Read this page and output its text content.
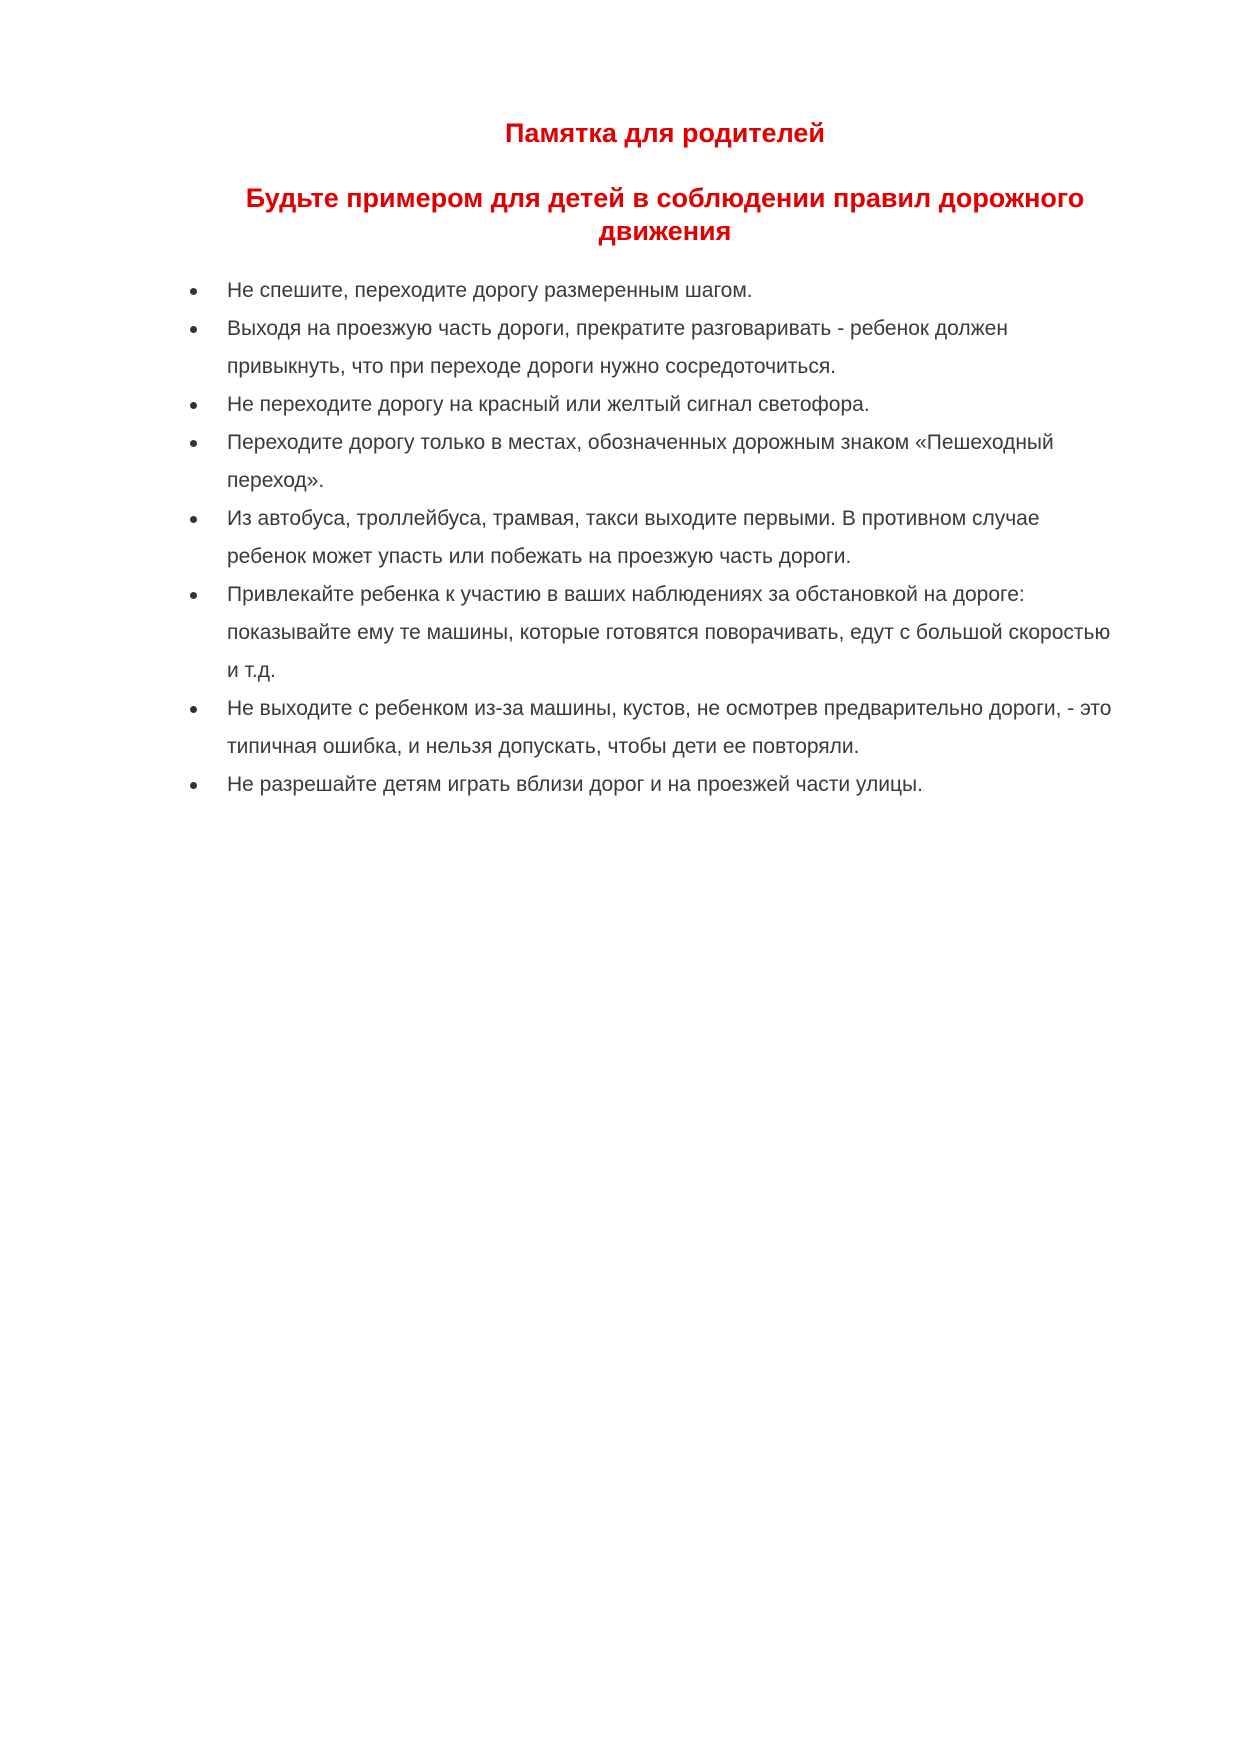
Памятка для родителей
Будьте примером для детей в соблюдении правил дорожного движения
Не спешите, переходите дорогу размеренным шагом.
Выходя на проезжую часть дороги, прекратите разговаривать - ребенок должен привыкнуть, что при переходе дороги нужно сосредоточиться.
Не переходите дорогу на красный или желтый сигнал светофора.
Переходите дорогу только в местах, обозначенных дорожным знаком «Пешеходный переход».
Из автобуса, троллейбуса, трамвая, такси выходите первыми. В противном случае ребенок может упасть или побежать на проезжую часть дороги.
Привлекайте ребенка к участию в ваших наблюдениях за обстановкой на дороге: показывайте ему те машины, которые готовятся поворачивать, едут с большой скоростью и т.д.
Не выходите с ребенком из-за машины, кустов, не осмотрев предварительно дороги, - это типичная ошибка, и нельзя допускать, чтобы дети ее повторяли.
Не разрешайте детям играть вблизи дорог и на проезжей части улицы.
